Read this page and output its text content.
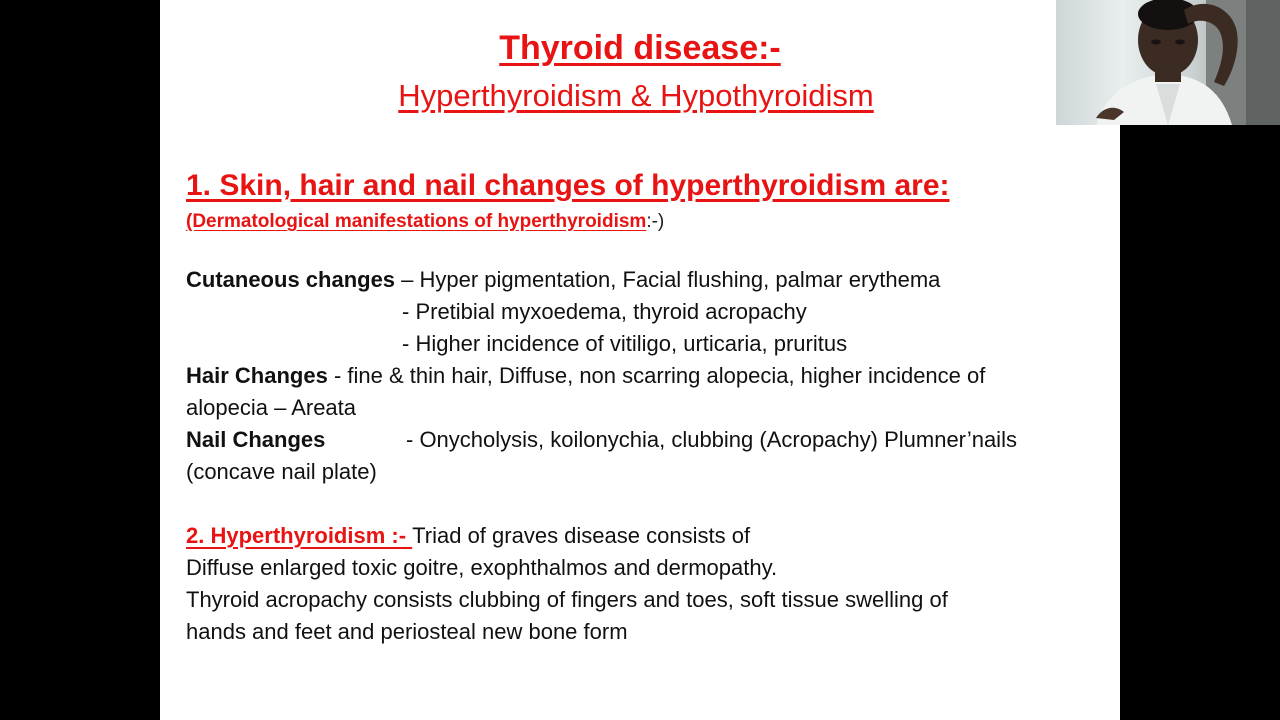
Thyroid disease:-
Hyperthyroidism & Hypothyroidism
1. Skin, hair and nail changes of hyperthyroidism are:
(Dermatological manifestations of hyperthyroidism:-)
Cutaneous changes – Hyper pigmentation, Facial flushing, palmar erythema
- Pretibial myxoedema, thyroid acropachy
- Higher incidence of vitiligo, urticaria, pruritus
Hair Changes - fine & thin hair, Diffuse, non scarring alopecia, higher incidence of
alopecia – Areata
Nail Changes	- Onycholysis, koilonychia, clubbing (Acropachy) Plumner’nails
(concave nail plate)
2. Hyperthyroidism :- Triad of graves disease consists of
Diffuse enlarged toxic goitre, exophthalmos and dermopathy.
Thyroid acropachy consists clubbing of fingers and toes, soft tissue swelling of
hands and feet and periosteal new bone form
